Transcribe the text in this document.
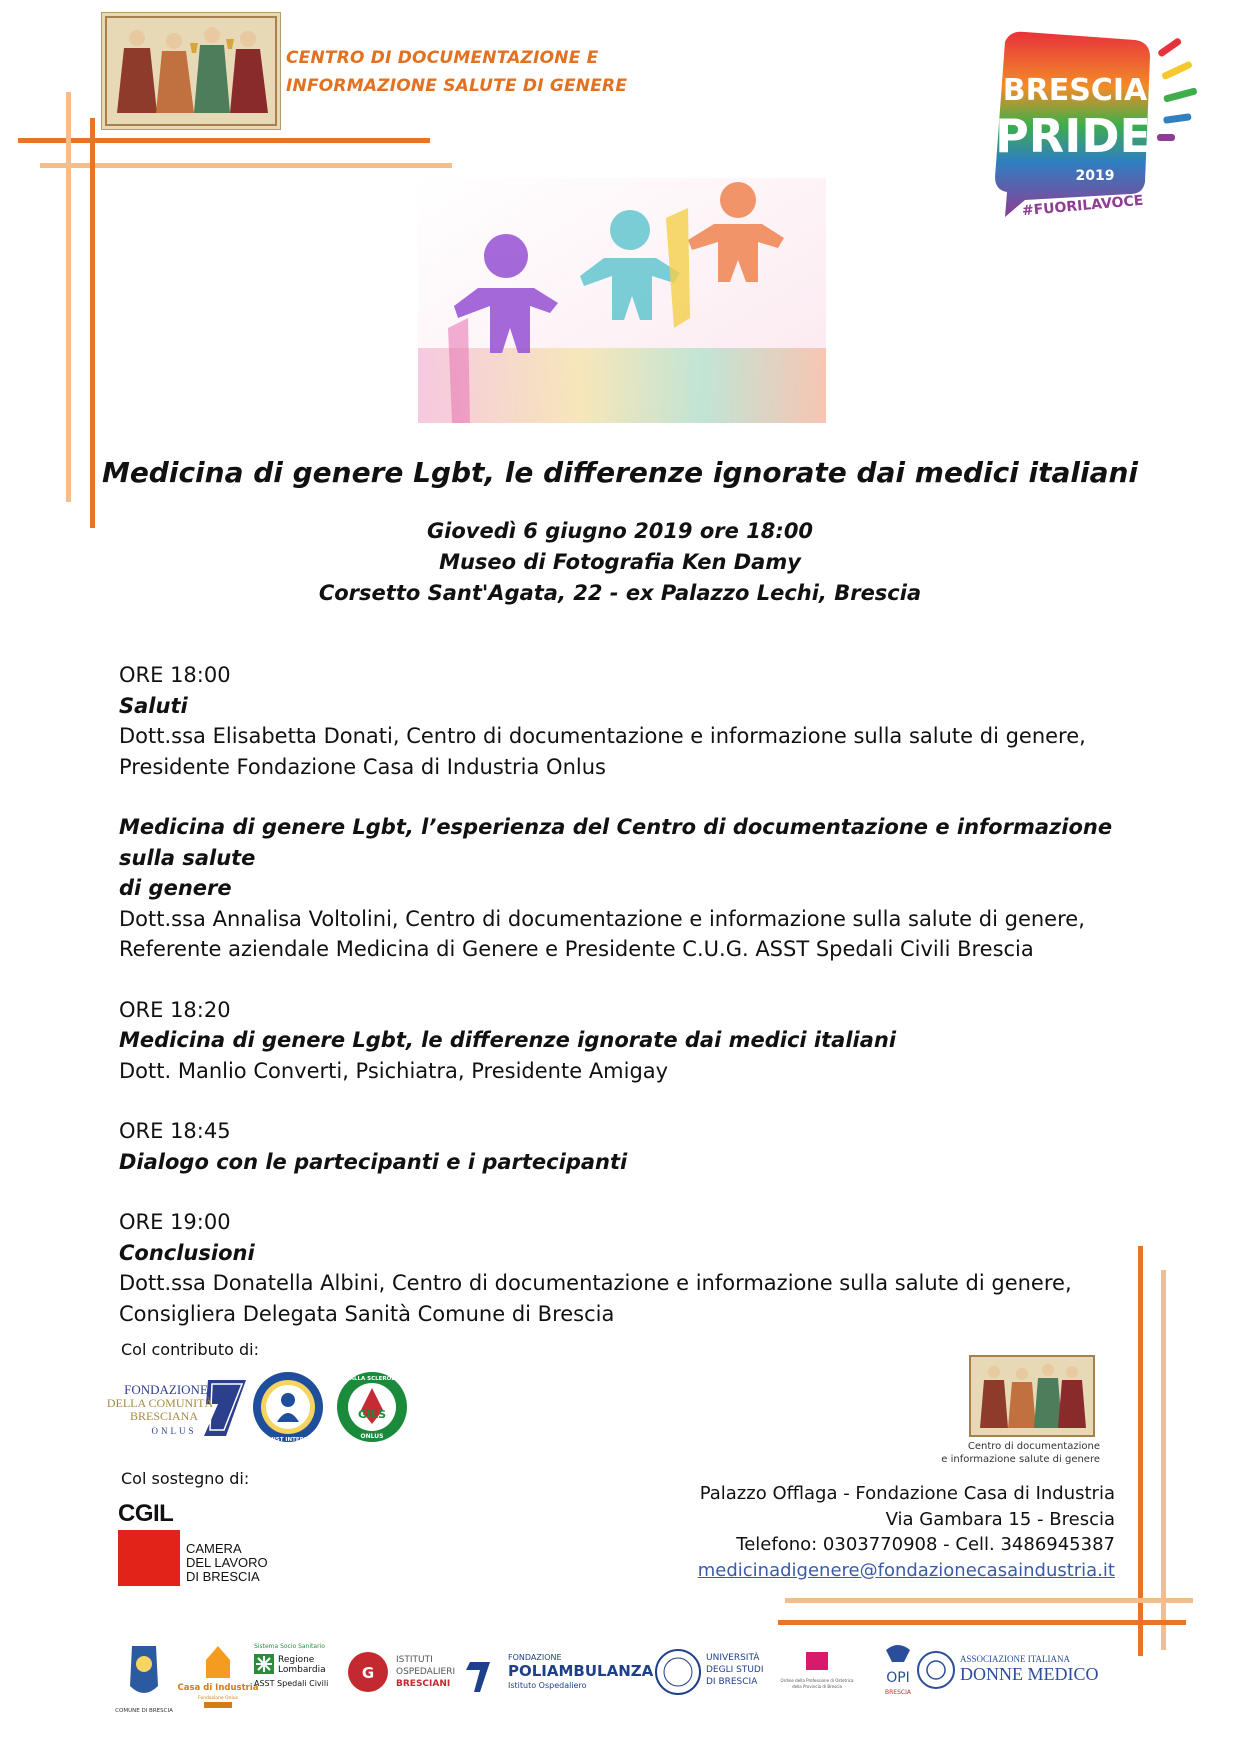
CENTRO DI DOCUMENTAZIONE E
INFORMAZIONE SALUTE DI GENERE	BRESCIA
PRIDE
2019
#FUORILAVOCE
Medicina di genere Lgbt, le differenze ignorate dai medici italiani
Giovedì 6 giugno 2019 ore 18:00
Museo di Fotografia Ken Damy
Corsetto Sant'Agata, 22 - ex Palazzo Lechi, Brescia
ORE 18:00
Saluti
Dott.ssa Elisabetta Donati, Centro di documentazione e informazione sulla salute di genere,
Presidente Fondazione Casa di Industria Onlus
Medicina di genere Lgbt, l’esperienza del Centro di documentazione e informazione sulla salute
di genere
Dott.ssa Annalisa Voltolini, Centro di documentazione e informazione sulla salute di genere,
Referente aziendale Medicina di Genere e Presidente C.U.G. ASST Spedali Civili Brescia
ORE 18:20
Medicina di genere Lgbt, le differenze ignorate dai medici italiani
Dott. Manlio Converti, Psichiatra, Presidente Amigay
ORE 18:45
Dialogo con le partecipanti e i partecipanti
ORE 19:00
Conclusioni
Dott.ssa Donatella Albini, Centro di documentazione e informazione sulla salute di genere,
Consigliera Delegata Sanità Comune di Brescia
Col contributo di:
FONDAZIONE
DELLA COMUNITÀ
BRESCIANA
ONLUS
SOROPTIMIST INTERNATIONAL
LOTTA ALLA SCLERODERMIA
GILS
ONLUS
Col sostegno di:
CGIL
CAMERA
DEL LAVORO
DI BRESCIA
Centro di documentazione
e informazione salute di genere
Palazzo Offlaga - Fondazione Casa di Industria
Via Gambara 15 - Brescia
Telefono: 0303770908 - Cell. 3486945387
medicinadigenere@fondazionecasaindustria.it
COMUNE DI BRESCIA
Casa di Industria
Fondazione Onlus
Sistema Socio Sanitario
Regione
Lombardia
ASST Spedali Civili
G
ISTITUTI
OSPEDALIERI
BRESCIANI
FONDAZIONE
POLIAMBULANZA
Istituto Ospedaliero
UNIVERSITÀ
DEGLI STUDI
DI BRESCIA	Ordine della Professione di Ostetrica
della Provincia di Brescia
OPI
BRESCIA
ASSOCIAZIONE ITALIANA
DONNE MEDICO
